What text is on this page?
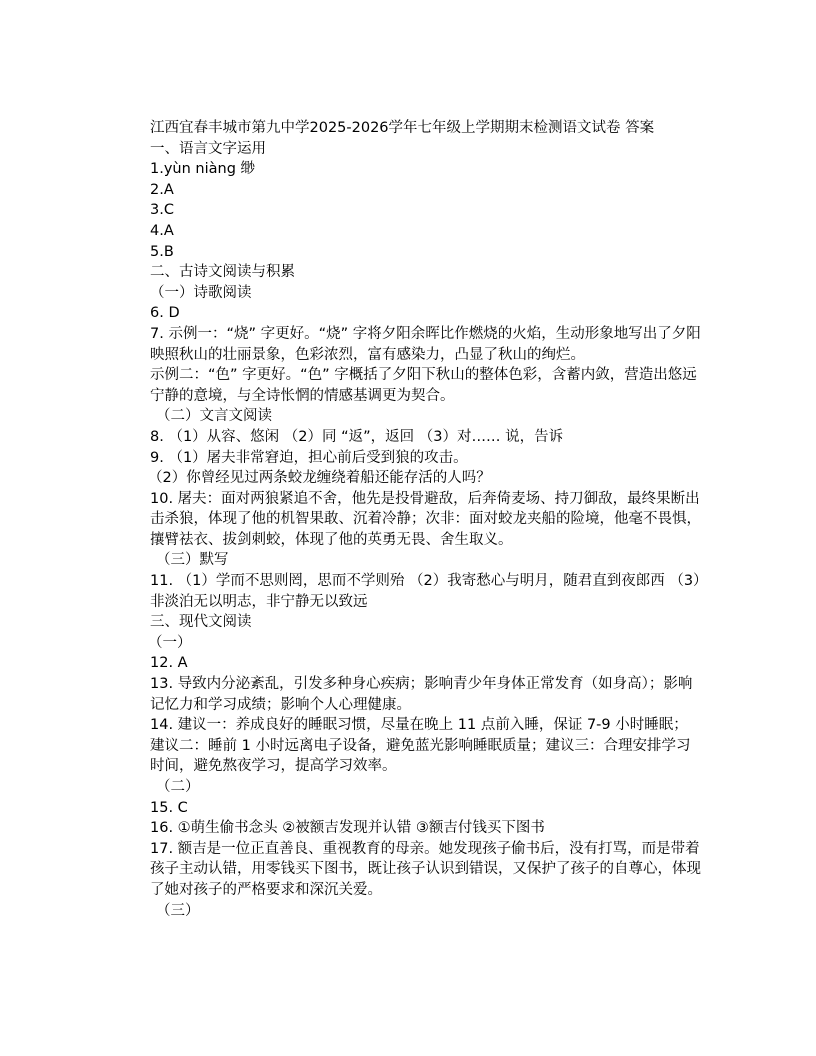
江西宜春丰城市第九中学2025-2026学年七年级上学期期末检测语文试卷 答案
一、语言文字运用
1.yùn niàng 缈
2.A
3.C
4.A
5.B
二、古诗文阅读与积累
（一）诗歌阅读
6. D
7. 示例一：“烧” 字更好。“烧” 字将夕阳余晖比作燃烧的火焰，生动形象地写出了夕阳映照秋山的壮丽景象，色彩浓烈，富有感染力，凸显了秋山的绚烂。
示例二：“色” 字更好。“色” 字概括了夕阳下秋山的整体色彩，含蓄内敛，营造出悠远宁静的意境，与全诗怅惘的情感基调更为契合。
（二）文言文阅读
8. （1）从容、悠闲 （2）同 “返”，返回 （3）对…… 说，告诉
9. （1）屠夫非常窘迫，担心前后受到狼的攻击。
（2）你曾经见过两条蛟龙缠绕着船还能存活的人吗？
10. 屠夫：面对两狼紧追不舍，他先是投骨避敌，后奔倚麦场、持刀御敌，最终果断出击杀狼，体现了他的机智果敢、沉着冷静；次非：面对蛟龙夹船的险境，他毫不畏惧，攘臂祛衣、拔剑刺蛟，体现了他的英勇无畏、舍生取义。
（三）默写
11. （1）学而不思则罔，思而不学则殆 （2）我寄愁心与明月，随君直到夜郎西 （3）非淡泊无以明志，非宁静无以致远
三、现代文阅读
（一）
12. A
13. 导致内分泌紊乱，引发多种身心疾病；影响青少年身体正常发育（如身高）；影响记忆力和学习成绩；影响个人心理健康。
14. 建议一：养成良好的睡眠习惯，尽量在晚上 11 点前入睡，保证 7-9 小时睡眠；建议二：睡前 1 小时远离电子设备，避免蓝光影响睡眠质量；建议三：合理安排学习时间，避免熬夜学习，提高学习效率。
（二）
15. C
16. ①萌生偷书念头 ②被额吉发现并认错 ③额吉付钱买下图书
17. 额吉是一位正直善良、重视教育的母亲。她发现孩子偷书后，没有打骂，而是带着孩子主动认错，用零钱买下图书，既让孩子认识到错误，又保护了孩子的自尊心，体现了她对孩子的严格要求和深沉关爱。
（三）
